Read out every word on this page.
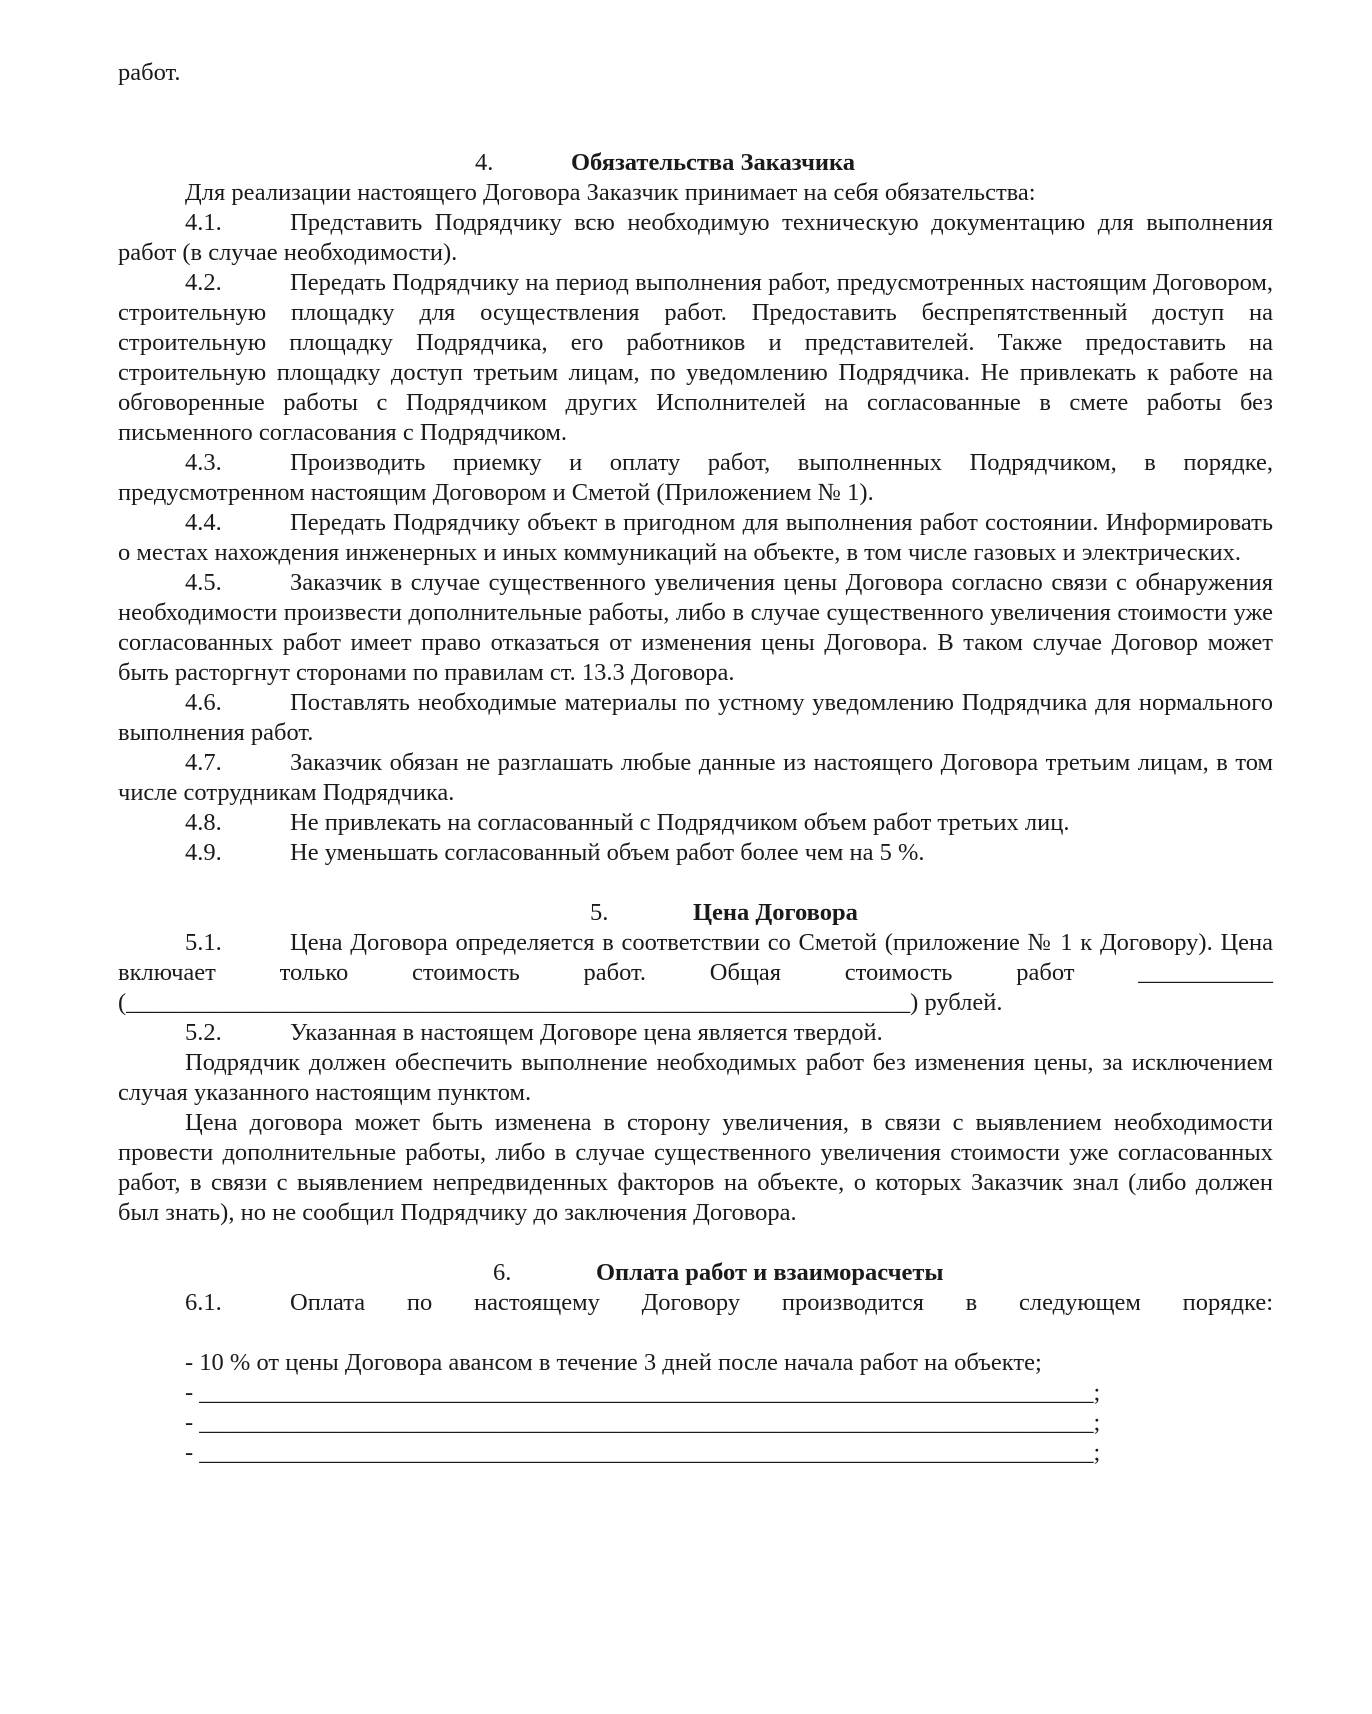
работ.

4.	Обязательства Заказчика

Для реализации настоящего Договора Заказчик принимает на себя обязательства:

4.1.	Представить Подрядчику всю необходимую техническую документацию для выполнения работ (в случае необходимости).

4.2.	Передать Подрядчику на период выполнения работ, предусмотренных настоящим Договором, строительную площадку для осуществления работ. Предоставить беспрепятственный доступ на строительную площадку Подрядчика, его работников и представителей. Также предоставить на строительную площадку доступ третьим лицам, по уведомлению Подрядчика. Не привлекать к работе на обговоренные работы с Подрядчиком других Исполнителей на согласованные в смете работы без письменного согласования с Подрядчиком.

4.3.	Производить приемку и оплату работ, выполненных Подрядчиком, в порядке, предусмотренном настоящим Договором и Сметой (Приложением № 1).

4.4.	Передать Подрядчику объект в пригодном для выполнения работ состоянии. Информировать о местах нахождения инженерных и иных коммуникаций на объекте, в том числе газовых и электрических.

4.5.	Заказчик в случае существенного увеличения цены Договора согласно связи с обнаружения необходимости произвести дополнительные работы, либо в случае существенного увеличения стоимости уже согласованных работ имеет право отказаться от изменения цены Договора. В таком случае Договор может быть расторгнут сторонами по правилам ст. 13.3 Договора.

4.6.	Поставлять необходимые материалы по устному уведомлению Подрядчика для нормального выполнения работ.

4.7.	Заказчик обязан не разглашать любые данные из настоящего Договора третьим лицам, в том числе сотрудникам Подрядчика.

4.8.	Не привлекать на согласованный с Подрядчиком объем работ третьих лиц.

4.9.	Не уменьшать согласованный объем работ более чем на 5 %.

5.	Цена Договора

5.1.	Цена Договора определяется в соответствии со Сметой (приложение № 1 к Договору). Цена включает только стоимость работ. Общая стоимость работ ___________

(________________________________________________________________) рублей.

5.2.	Указанная в настоящем Договоре цена является твердой.

Подрядчик должен обеспечить выполнение необходимых работ без изменения цены, за исключением случая указанного настоящим пунктом.

Цена договора может быть изменена в сторону увеличения, в связи с выявлением необходимости провести дополнительные работы, либо в случае существенного увеличения стоимости уже согласованных работ, в связи с выявлением непредвиденных факторов на объекте, о которых Заказчик знал (либо должен был знать), но не сообщил Подрядчику до заключения Договора.

6.	Оплата работ и взаиморасчеты

6.1.	Оплата по настоящему Договору производится в следующем порядке:

- 10 % от цены Договора авансом в течение 3 дней после начала работ на объекте;

- _________________________________________________________________________;

- _________________________________________________________________________;

- _________________________________________________________________________;
